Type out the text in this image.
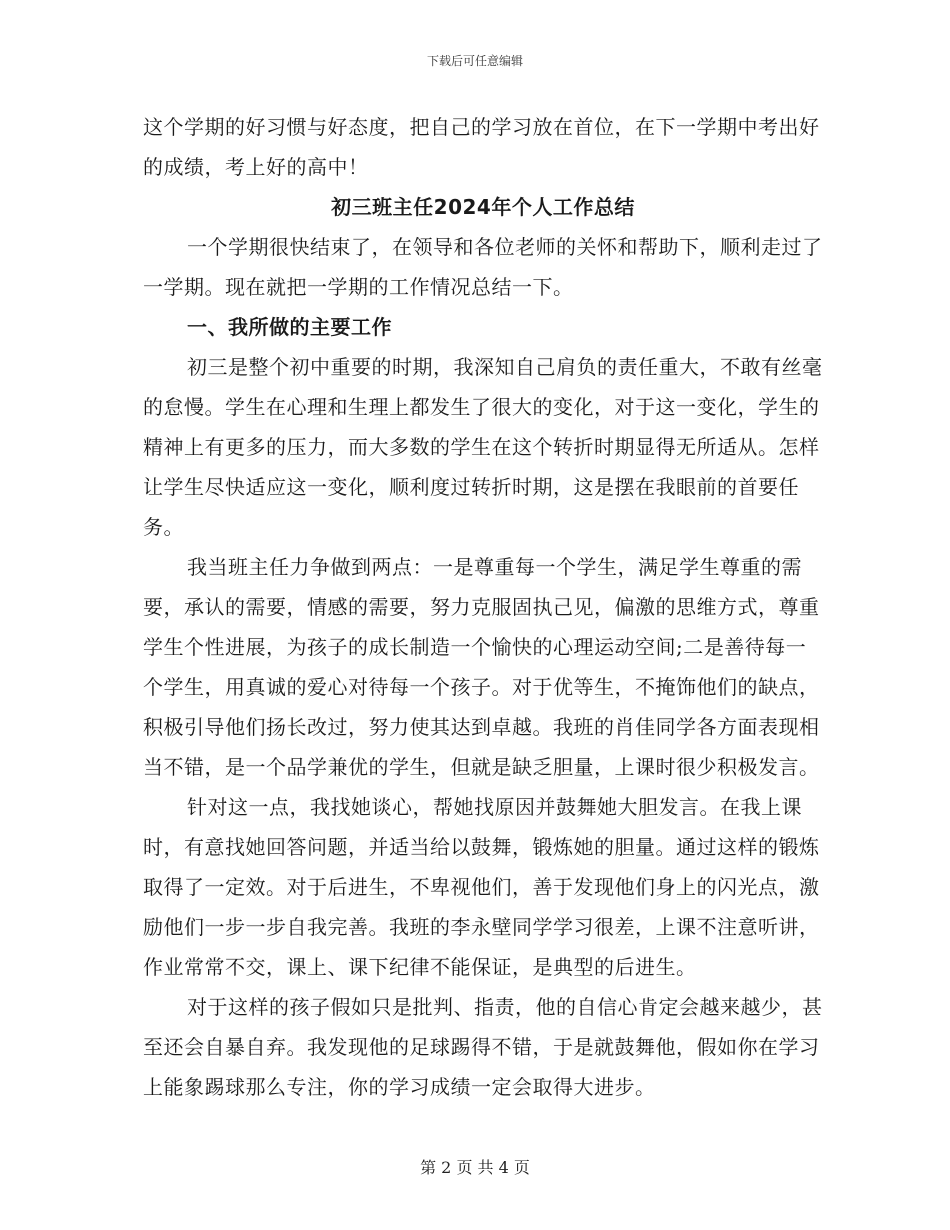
下载后可任意编辑

这个学期的好习惯与好态度，把自己的学习放在首位，在下一学期中考出好的成绩，考上好的高中！

初三班主任2024年个人工作总结

一个学期很快结束了，在领导和各位老师的关怀和帮助下，顺利走过了一学期。现在就把一学期的工作情况总结一下。

一、我所做的主要工作

初三是整个初中重要的时期，我深知自己肩负的责任重大，不敢有丝毫的怠慢。学生在心理和生理上都发生了很大的变化，对于这一变化，学生的精神上有更多的压力，而大多数的学生在这个转折时期显得无所适从。怎样让学生尽快适应这一变化，顺利度过转折时期，这是摆在我眼前的首要任务。

我当班主任力争做到两点：一是尊重每一个学生，满足学生尊重的需要，承认的需要，情感的需要，努力克服固执己见，偏激的思维方式，尊重学生个性进展，为孩子的成长制造一个愉快的心理运动空间;二是善待每一个学生，用真诚的爱心对待每一个孩子。对于优等生，不掩饰他们的缺点，积极引导他们扬长改过，努力使其达到卓越。我班的肖佳同学各方面表现相当不错，是一个品学兼优的学生，但就是缺乏胆量，上课时很少积极发言。

针对这一点，我找她谈心，帮她找原因并鼓舞她大胆发言。在我上课时，有意找她回答问题，并适当给以鼓舞，锻炼她的胆量。通过这样的锻炼取得了一定效。对于后进生，不卑视他们，善于发现他们身上的闪光点，激励他们一步一步自我完善。我班的李永壁同学学习很差，上课不注意听讲，作业常常不交，课上、课下纪律不能保证，是典型的后进生。

对于这样的孩子假如只是批判、指责，他的自信心肯定会越来越少，甚至还会自暴自弃。我发现他的足球踢得不错，于是就鼓舞他，假如你在学习上能象踢球那么专注，你的学习成绩一定会取得大进步。

第 2 页 共 4 页
